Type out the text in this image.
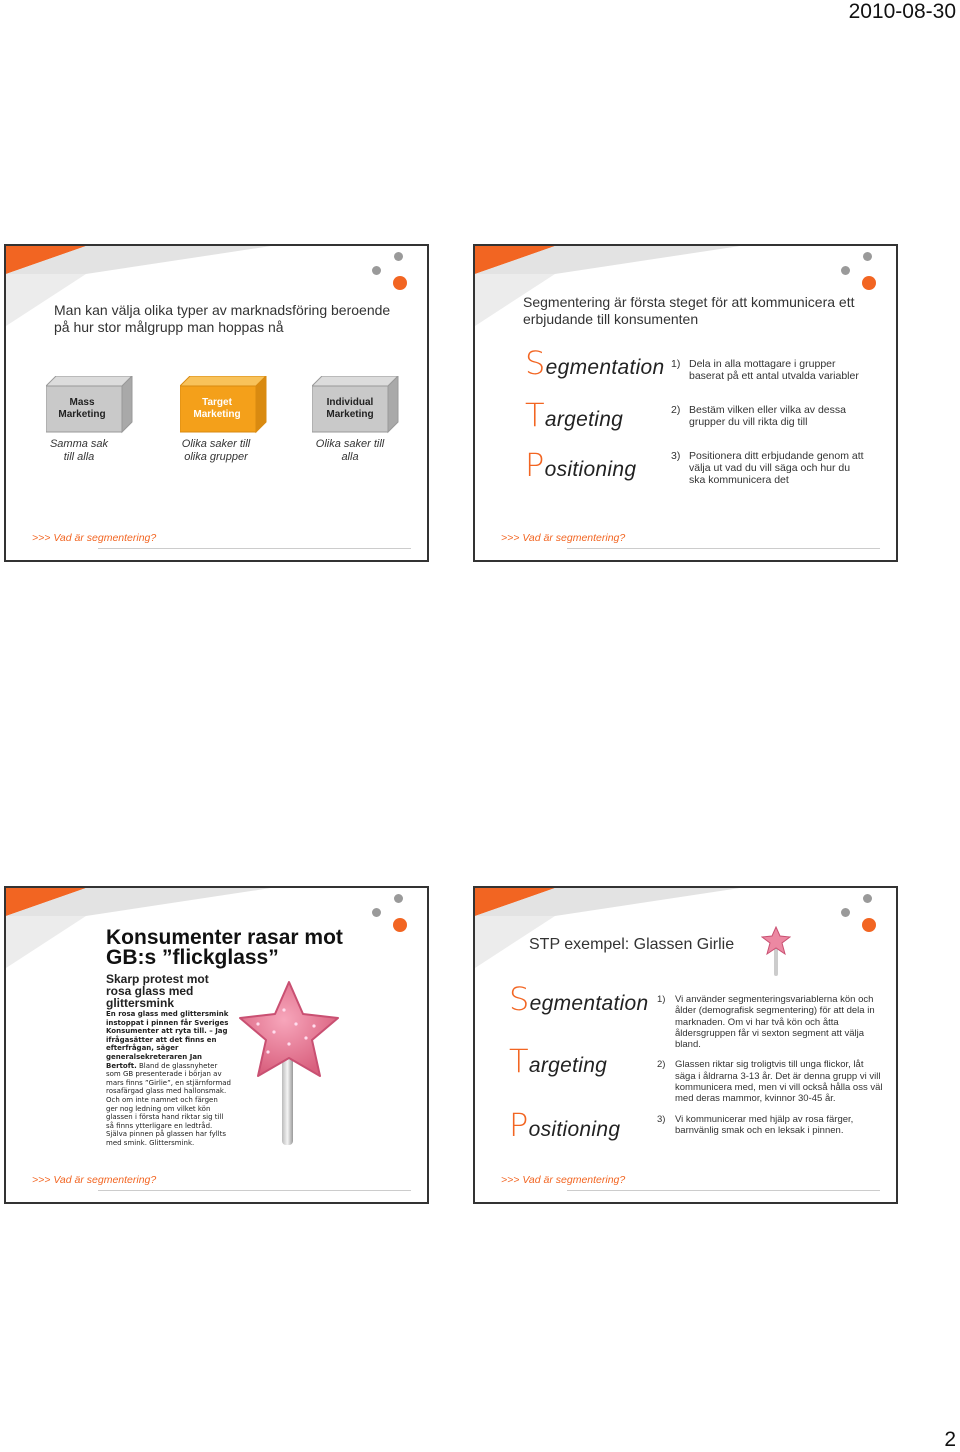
2010-08-30
Man kan välja olika typer av marknadsföring beroende på hur stor målgrupp man hoppas nå
Mass Marketing
Samma sak till alla
Target Marketing
Olika saker till olika grupper
Individual Marketing
Olika saker till alla
>>> Vad är segmentering?
Segmentering är första steget för att kommunicera ett erbjudande till konsumenten
Segmentation
Targeting
Positioning
1) Dela in alla mottagare i grupper baserat på ett antal utvalda variabler
2) Bestäm vilken eller vilka av dessa grupper du vill rikta dig till
3) Positionera ditt erbjudande genom att välja ut vad du vill säga och hur du ska kommunicera det
>>> Vad är segmentering?
Konsumenter rasar mot GB:s ”flickglass”
Skarp protest mot rosa glass med glittersmink
En rosa glass med glittersmink instoppat i pinnen får Sveriges Konsumenter att ryta till. – Jag ifrågasätter att det finns en efterfrågan, säger generalsekreteraren Jan Bertoft. Bland de glassnyheter som GB presenterade i början av mars finns ”Girlie”, en stjärnformad rosafärgad glass med hallonsmak. Och om inte namnet och färgen ger nog ledning om vilket kön glassen i första hand riktar sig till så finns ytterligare en ledtråd. Själva pinnen på glassen har fyllts med smink. Glittersmink.
>>> Vad är segmentering?
STP exempel: Glassen Girlie
Segmentation
Targeting
Positioning
1) Vi använder segmenteringsvariablerna kön och ålder (demografisk segmentering) för att dela in marknaden. Om vi har två kön och åtta åldersgruppen får vi sexton segment att välja bland.
2) Glassen riktar sig troligtvis till unga flickor, låt säga i åldrarna 3-13 år. Det är denna grupp vi vill kommunicera med, men vi vill också hålla oss väl med deras mammor, kvinnor 30-45 år.
3) Vi kommunicerar med hjälp av rosa färger, barnvänlig smak och en leksak i pinnen.
>>> Vad är segmentering?
2
